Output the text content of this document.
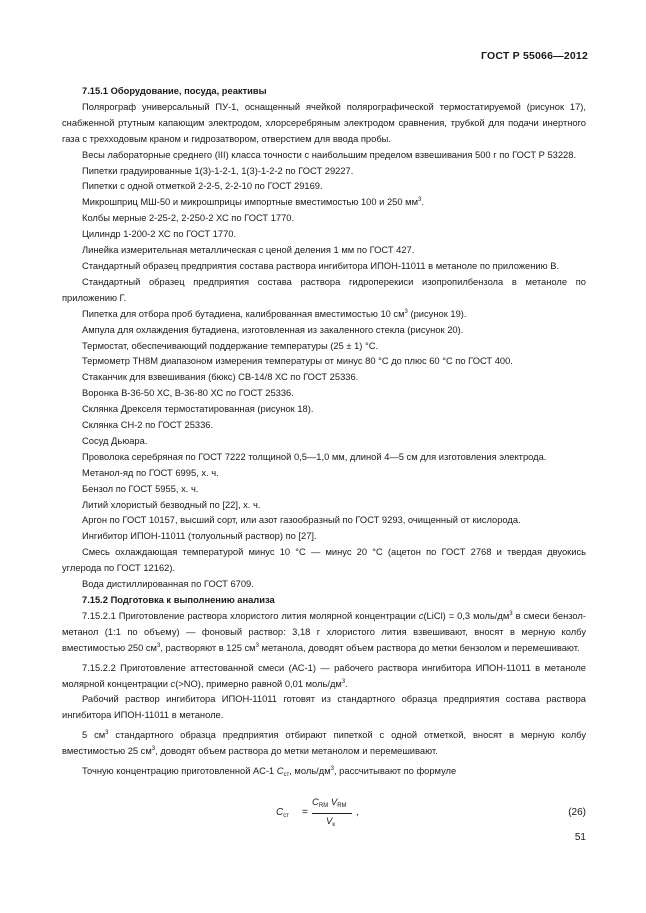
ГОСТ Р 55066—2012

7.15.1 Оборудование, посуда, реактивы

Полярограф универсальный ПУ-1, оснащенный ячейкой полярографической термостатируемой (рисунок 17), снабженной ртутным капающим электродом, хлорсеребряным электродом сравнения, трубкой для подачи инертного газа с трехходовым краном и гидрозатвором, отверстием для ввода пробы.

Весы лабораторные среднего (III) класса точности с наибольшим пределом взвешивания 500 г по ГОСТ Р 53228.

Пипетки градуированные 1(3)-1-2-1, 1(3)-1-2-2 по ГОСТ 29227.

Пипетки с одной отметкой 2-2-5, 2-2-10 по ГОСТ 29169.

Микрошприц МШ-50 и микрошприцы импортные вместимостью 100 и 250 $мм^3$.

Колбы мерные 2-25-2, 2-250-2 ХС по ГОСТ 1770.

Цилиндр 1-200-2 ХС по ГОСТ 1770.

Линейка измерительная металлическая с ценой деления 1 мм по ГОСТ 427.

Стандартный образец предприятия состава раствора ингибитора ИПОН-11011 в метаноле по приложению В.

Стандартный образец предприятия состава раствора гидроперекиси изопропилбензола в метаноле по приложению Г.

Пипетка для отбора проб бутадиена, калиброванная вместимостью 10 $см^3$ (рисунок 19).

Ампула для охлаждения бутадиена, изготовленная из закаленного стекла (рисунок 20).

Термостат, обеспечивающий поддержание температуры (25 ± 1) °С.

Термометр ТН8М диапазоном измерения температуры от минус 80 °С до плюс 60 °С по ГОСТ 400.

Стаканчик для взвешивания (бюкс) СВ-14/8 ХС по ГОСТ 25336.

Воронка В-36-50 ХС, В-36-80 ХС по ГОСТ 25336.

Склянка Дрекселя термостатированная (рисунок 18).

Склянка СН-2 по ГОСТ 25336.

Сосуд Дьюара.

Проволока серебряная по ГОСТ 7222 толщиной 0,5—1,0 мм, длиной 4—5 см для изготовления электрода.

Метанол-яд по ГОСТ 6995, х. ч.

Бензол по ГОСТ 5955, х. ч.

Литий хлористый безводный по [22], х. ч.

Аргон по ГОСТ 10157, высший сорт, или азот газообразный по ГОСТ 9293, очищенный от кислорода.

Ингибитор ИПОН-11011 (толуольный раствор) по [27].

Смесь охлаждающая температурой минус 10 °С — минус 20 °С (ацетон по ГОСТ 2768 и твердая двуокись углерода по ГОСТ 12162).

Вода дистиллированная по ГОСТ 6709.

7.15.2 Подготовка к выполнению анализа

7.15.2.1 Приготовление раствора хлористого лития молярной концентрации c(LiCl) = 0,3 моль/$дм^3$ в смеси бензол-метанол (1:1 по объему) — фоновый раствор: 3,18 г хлористого лития взвешивают, вносят в мерную колбу вместимостью 250 $см^3$, растворяют в 125 $см^3$ метанола, доводят объем раствора до метки бензолом и перемешивают.

7.15.2.2 Приготовление аттестованной смеси (АС-1) — рабочего раствора ингибитора ИПОН-11011 в метаноле молярной концентрации c(>NO), примерно равной 0,01 моль/$дм^3$.

Рабочий раствор ингибитора ИПОН-11011 готовят из стандартного образца предприятия состава раствора ингибитора ИПОН-11011 в метаноле.

5 $см^3$ стандартного образца предприятия отбирают пипеткой с одной отметкой, вносят в мерную колбу вместимостью 25 $см^3$, доводят объем раствора до метки метанолом и перемешивают.

Точную концентрацию приготовленной АС-1 $C_{ст}$, моль/$дм^3$, рассчитывают по формуле

$C_{ст}$ =
$C_{RM}$ $V_{RM}$
$V_к$
,	(26)
51
